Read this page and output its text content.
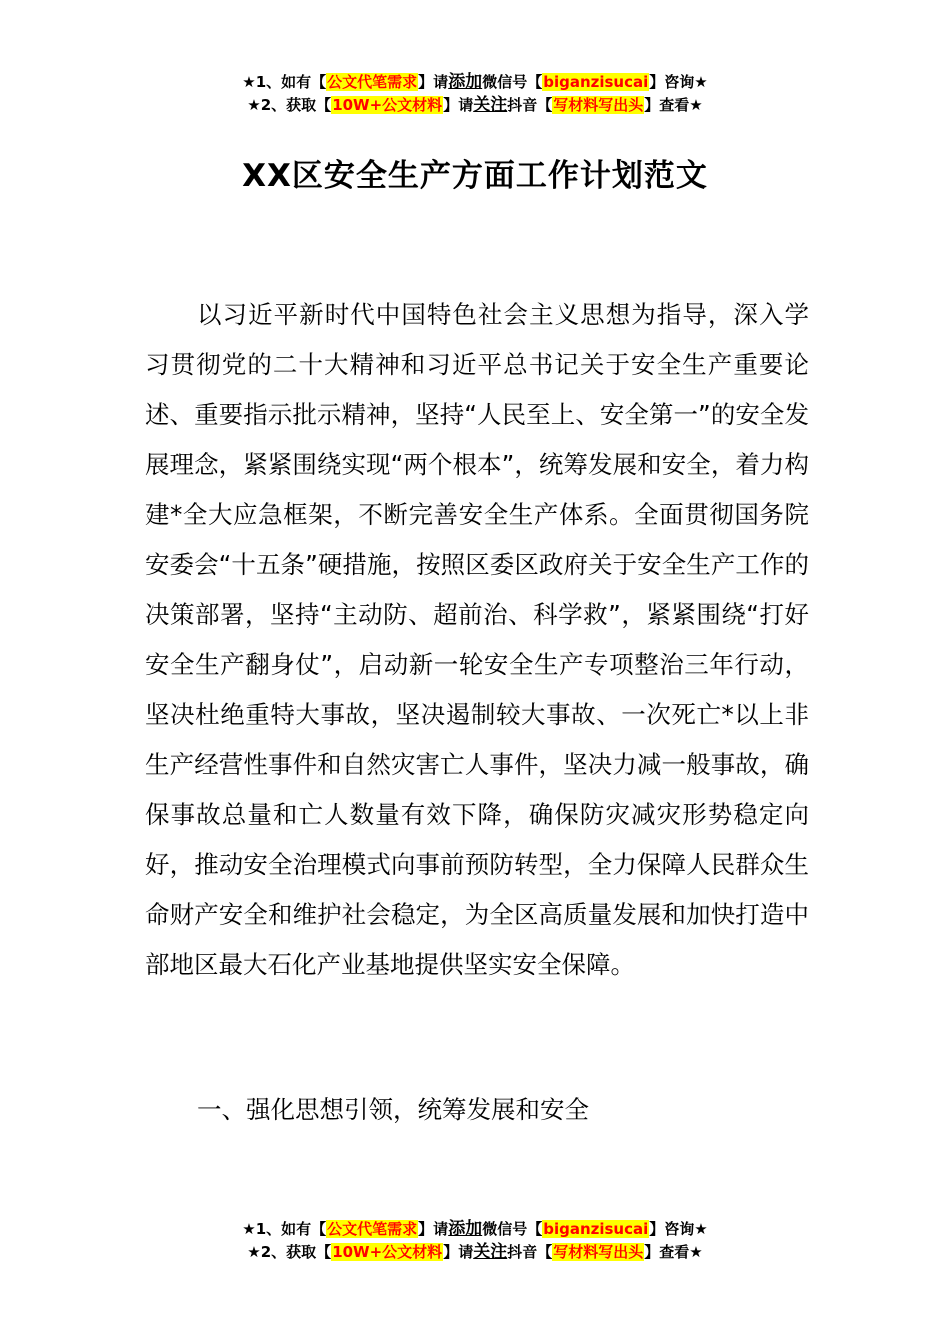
★1、如有【公文代笔需求】请添加微信号【biganzisucai】咨询★
★2、获取【10W+公文材料】请关注抖音【写材料写出头】查看★
XX区安全生产方面工作计划范文

以习近平新时代中国特色社会主义思想为指导，深入学习贯彻党的二十大精神和习近平总书记关于安全生产重要论述、重要指示批示精神，坚持“人民至上、安全第一”的安全发展理念，紧紧围绕实现“两个根本”，统筹发展和安全，着力构建*全大应急框架，不断完善安全生产体系。全面贯彻国务院安委会“十五条”硬措施，按照区委区政府关于安全生产工作的决策部署，坚持“主动防、超前治、科学救”，紧紧围绕“打好安全生产翻身仗”，启动新一轮安全生产专项整治三年行动，坚决杜绝重特大事故，坚决遏制较大事故、一次死亡*以上非生产经营性事件和自然灾害亡人事件，坚决力减一般事故，确保事故总量和亡人数量有效下降，确保防灾减灾形势稳定向好，推动安全治理模式向事前预防转型，全力保障人民群众生命财产安全和维护社会稳定，为全区高质量发展和加快打造中部地区最大石化产业基地提供坚实安全保障。

一、强化思想引领，统筹发展和安全

★1、如有【公文代笔需求】请添加微信号【biganzisucai】咨询★
★2、获取【10W+公文材料】请关注抖音【写材料写出头】查看★
